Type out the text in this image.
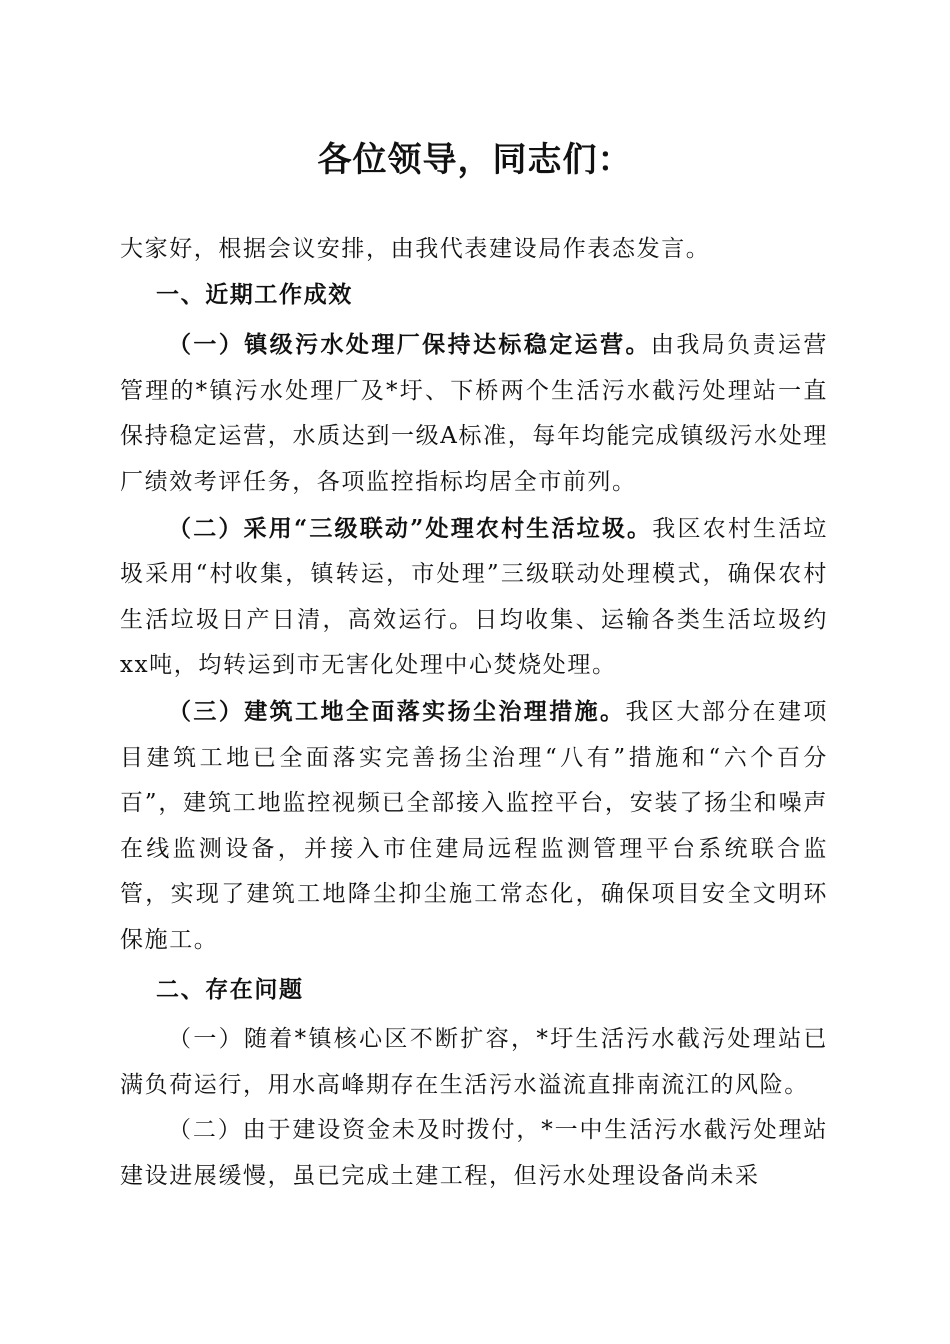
各位领导，同志们：

大家好，根据会议安排，由我代表建设局作表态发言。

一、近期工作成效

（一）镇级污水处理厂保持达标稳定运营。由我局负责运营管理的*镇污水处理厂及*圩、下桥两个生活污水截污处理站一直保持稳定运营，水质达到一级A标准，每年均能完成镇级污水处理厂绩效考评任务，各项监控指标均居全市前列。

（二）采用“三级联动”处理农村生活垃圾。我区农村生活垃圾采用“村收集，镇转运，市处理”三级联动处理模式，确保农村生活垃圾日产日清，高效运行。日均收集、运输各类生活垃圾约xx吨，均转运到市无害化处理中心焚烧处理。

（三）建筑工地全面落实扬尘治理措施。我区大部分在建项目建筑工地已全面落实完善扬尘治理“八有”措施和“六个百分百”，建筑工地监控视频已全部接入监控平台，安装了扬尘和噪声在线监测设备，并接入市住建局远程监测管理平台系统联合监管，实现了建筑工地降尘抑尘施工常态化，确保项目安全文明环保施工。

二、存在问题

（一）随着*镇核心区不断扩容，*圩生活污水截污处理站已满负荷运行，用水高峰期存在生活污水溢流直排南流江的风险。

（二）由于建设资金未及时拨付，*一中生活污水截污处理站建设进展缓慢，虽已完成土建工程，但污水处理设备尚未采
